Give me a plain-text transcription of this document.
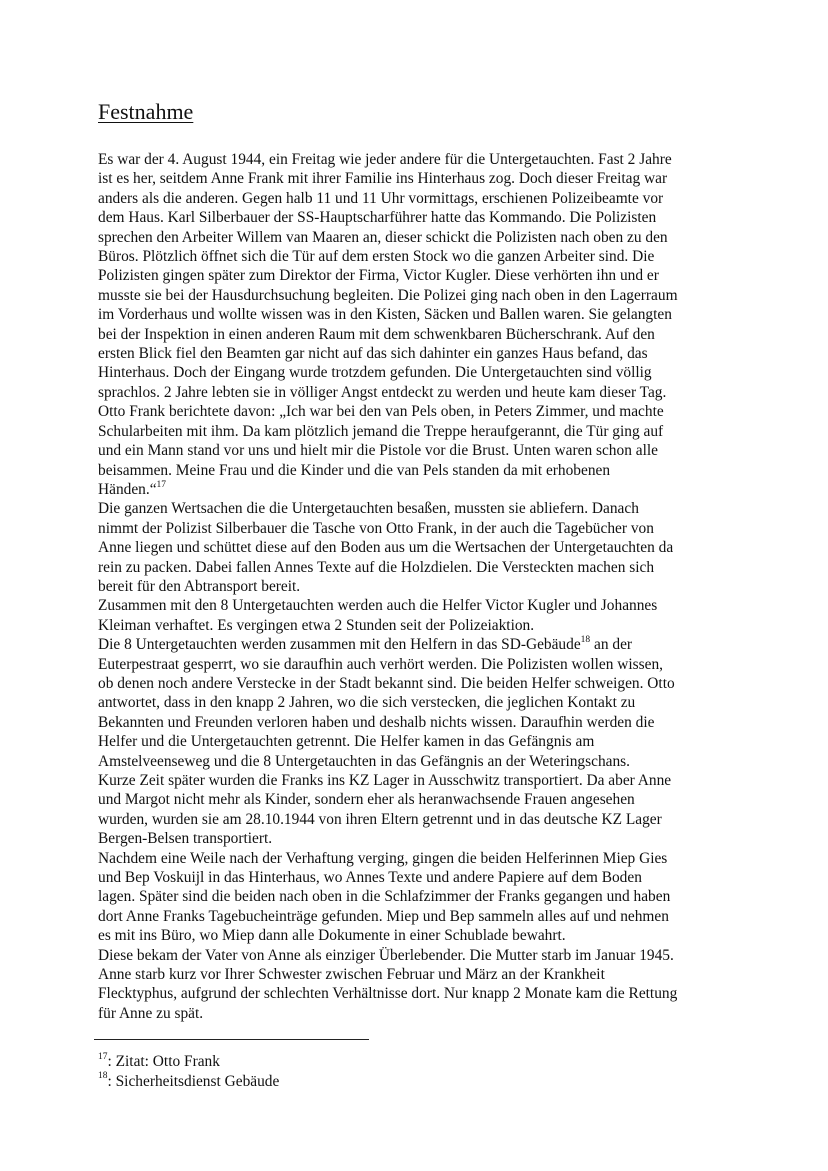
Festnahme
Es war der 4. August 1944, ein Freitag wie jeder andere für die Untergetauchten. Fast 2 Jahre
ist es her, seitdem Anne Frank mit ihrer Familie ins Hinterhaus zog. Doch dieser Freitag war
anders als die anderen. Gegen halb 11 und 11 Uhr vormittags, erschienen Polizeibeamte vor
dem Haus. Karl Silberbauer der SS-Hauptscharführer hatte das Kommando. Die Polizisten
sprechen den Arbeiter Willem van Maaren an, dieser schickt die Polizisten nach oben zu den
Büros. Plötzlich öffnet sich die Tür auf dem ersten Stock wo die ganzen Arbeiter sind. Die
Polizisten gingen später zum Direktor der Firma, Victor Kugler. Diese verhörten ihn und er
musste sie bei der Hausdurchsuchung begleiten. Die Polizei ging nach oben in den Lagerraum
im Vorderhaus und wollte wissen was in den Kisten, Säcken und Ballen waren. Sie gelangten
bei der Inspektion in einen anderen Raum mit dem schwenkbaren Bücherschrank. Auf den
ersten Blick fiel den Beamten gar nicht auf das sich dahinter ein ganzes Haus befand, das
Hinterhaus. Doch der Eingang wurde trotzdem gefunden. Die Untergetauchten sind völlig
sprachlos. 2 Jahre lebten sie in völliger Angst entdeckt zu werden und heute kam dieser Tag.
Otto Frank berichtete davon: „Ich war bei den van Pels oben, in Peters Zimmer, und machte
Schularbeiten mit ihm. Da kam plötzlich jemand die Treppe heraufgerannt, die Tür ging auf
und ein Mann stand vor uns und hielt mir die Pistole vor die Brust. Unten waren schon alle
beisammen. Meine Frau und die Kinder und die van Pels standen da mit erhobenen
Händen.“$^{17}$
Die ganzen Wertsachen die die Untergetauchten besaßen, mussten sie abliefern. Danach
nimmt der Polizist Silberbauer die Tasche von Otto Frank, in der auch die Tagebücher von
Anne liegen und schüttet diese auf den Boden aus um die Wertsachen der Untergetauchten da
rein zu packen. Dabei fallen Annes Texte auf die Holzdielen. Die Versteckten machen sich
bereit für den Abtransport bereit.
Zusammen mit den 8 Untergetauchten werden auch die Helfer Victor Kugler und Johannes
Kleiman verhaftet. Es vergingen etwa 2 Stunden seit der Polizeiaktion.
Die 8 Untergetauchten werden zusammen mit den Helfern in das SD-Gebäude$^{18}$ an der
Euterpestraat gesperrt, wo sie daraufhin auch verhört werden. Die Polizisten wollen wissen,
ob denen noch andere Verstecke in der Stadt bekannt sind. Die beiden Helfer schweigen. Otto
antwortet, dass in den knapp 2 Jahren, wo die sich verstecken, die jeglichen Kontakt zu
Bekannten und Freunden verloren haben und deshalb nichts wissen. Daraufhin werden die
Helfer und die Untergetauchten getrennt. Die Helfer kamen in das Gefängnis am
Amstelveenseweg und die 8 Untergetauchten in das Gefängnis an der Weteringschans.
Kurze Zeit später wurden die Franks ins KZ Lager in Ausschwitz transportiert. Da aber Anne
und Margot nicht mehr als Kinder, sondern eher als heranwachsende Frauen angesehen
wurden, wurden sie am 28.10.1944 von ihren Eltern getrennt und in das deutsche KZ Lager
Bergen-Belsen transportiert.
Nachdem eine Weile nach der Verhaftung verging, gingen die beiden Helferinnen Miep Gies
und Bep Voskuijl in das Hinterhaus, wo Annes Texte und andere Papiere auf dem Boden
lagen. Später sind die beiden nach oben in die Schlafzimmer der Franks gegangen und haben
dort Anne Franks Tagebucheinträge gefunden. Miep und Bep sammeln alles auf und nehmen
es mit ins Büro, wo Miep dann alle Dokumente in einer Schublade bewahrt.
Diese bekam der Vater von Anne als einziger Überlebender. Die Mutter starb im Januar 1945.
Anne starb kurz vor Ihrer Schwester zwischen Februar und März an der Krankheit
Flecktyphus, aufgrund der schlechten Verhältnisse dort. Nur knapp 2 Monate kam die Rettung
für Anne zu spät.
$^{17}$: Zitat: Otto Frank
$^{18}$: Sicherheitsdienst Gebäude
